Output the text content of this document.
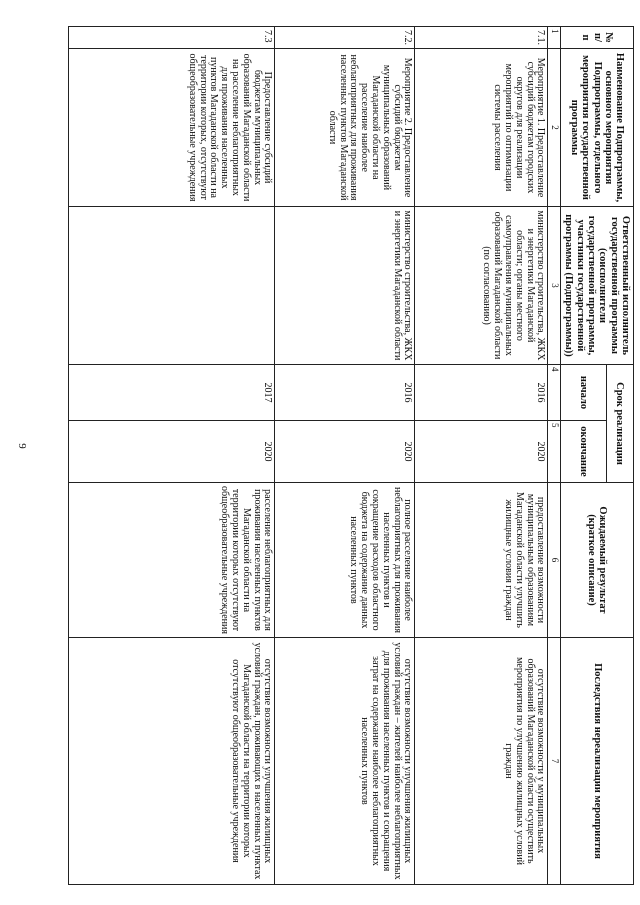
9
№ п/п	Наименование Подпрограммы, основного мероприятия Подпрограммы, отдельного мероприятия государственной программы	Ответственный исполнитель государственной программы (соисполнители государственной программы, участники государственной программы (Подпрограммы))	Срок реализации		Ожидаемый результат (краткое описание)	Последствия нереализации мероприятия
			начало	окончание		
1	2	3	4	5	6	7
7.1.	Мероприятие 1. Предоставление субсидий бюджетам городских округов для реализации мероприятий по оптимизации системы расселения	министерство строительства, ЖКХ и энергетики Магаданской области; органы местного самоуправления муниципальных образований Магаданской области (по согласованию)	2016	2020	предоставление возможности муниципальным образованиям Магаданской области улучшить жилищные условия граждан	отсутствие возможности у муниципальных образований Магаданской области осуществить мероприятия по улучшению жилищных условий граждан
7.2.	Мероприятие 2. Предоставление субсидий бюджетам муниципальных образований Магаданской области на расселение наиболее неблагоприятных для проживания населенных пунктов Магаданской области	министерство строительства, ЖКХ и энергетики Магаданской области	2016	2020	полное расселение наиболее неблагоприятных для проживания населенных пунктов и сокращение расходов областного бюджета на содержание данных населенных пунктов	отсутствие возможности улучшения жилищных условий граждан – жителей наиболее неблагоприятных для проживания населенных пунктов и сокращения затрат на содержание наиболее неблагоприятных населенных пунктов
7.3	Предоставление субсидий бюджетам муниципальных образований Магаданской области на расселение неблагоприятных для проживания населенных пунктов Магаданской области на территории которых, отсутствуют общеобразовательные учреждения		2017	2020	расселение неблагоприятных для проживания населенных пунктов Магаданской области на территории которых отсутствуют общеобразовательные учреждения	отсутствие возможности улучшения жилищных условий граждан, проживающих в населенных пунктах Магаданской области на территории которых отсутствуют общеобразовательные учреждения
